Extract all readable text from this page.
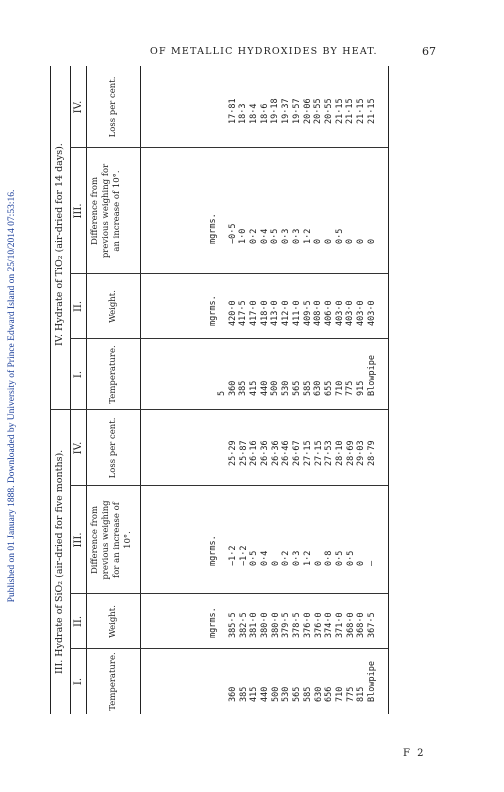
Published on 01 January 1888. Downloaded by University of Prince Edward Island on 25/10/2014 07:53:16.
OF METALLIC HYDROXIDES BY HEAT.	67
III. Hydrate of SiO₂ (air-dried for five months).
IV. Hydrate of TiO₂ (air-dried for 14 days).
I.
II.
III.
IV.
I.
II.
III.
IV.
Temperature.
Weight.
Difference from previous weighing for an increase of 10°.
Loss per cent.
Temperature.
Weight.
Difference from previous weighing for an increase of 10°.
Loss per cent.
mgrms.
mgrms.
mgrms.
mgrms.
360 385 415 440 500 530 565 585 630 656 710 775 815 Blowpipe
385·5 382·5 381·0 380·0 380·0 379·5 378·5 376·0 376·0 374·0 371·0 368·0 368·0 367·5
−1·2 −1·2 0·5 0·4 0 0·2 0·3 1·2 0 0·8 0·5 0·5 0 —
25·29 25·87 26·16 26·36 26·36 26·46 26·67 27·15 27·15 27·53 28·10 28·69 29·03 28·79
5 360 385 415 440 500 530 565 585 630 655 710 775 915 Blowpipe
420·0 417·5 417·0 418·0 413·0 412·0 411·0 409·5 408·0 406·0 403·0 403·0 403·0 403·0
−0·5 1·0 0·2 0·4 0·5 0·3 0·3 1·2 0 0 0·5 0 0 0
17·81 18·3 18·4 18·6 19·18 19·37 19·57 20·06 20·55 20·55 21·15 21·15 21·15 21·15
F 2
